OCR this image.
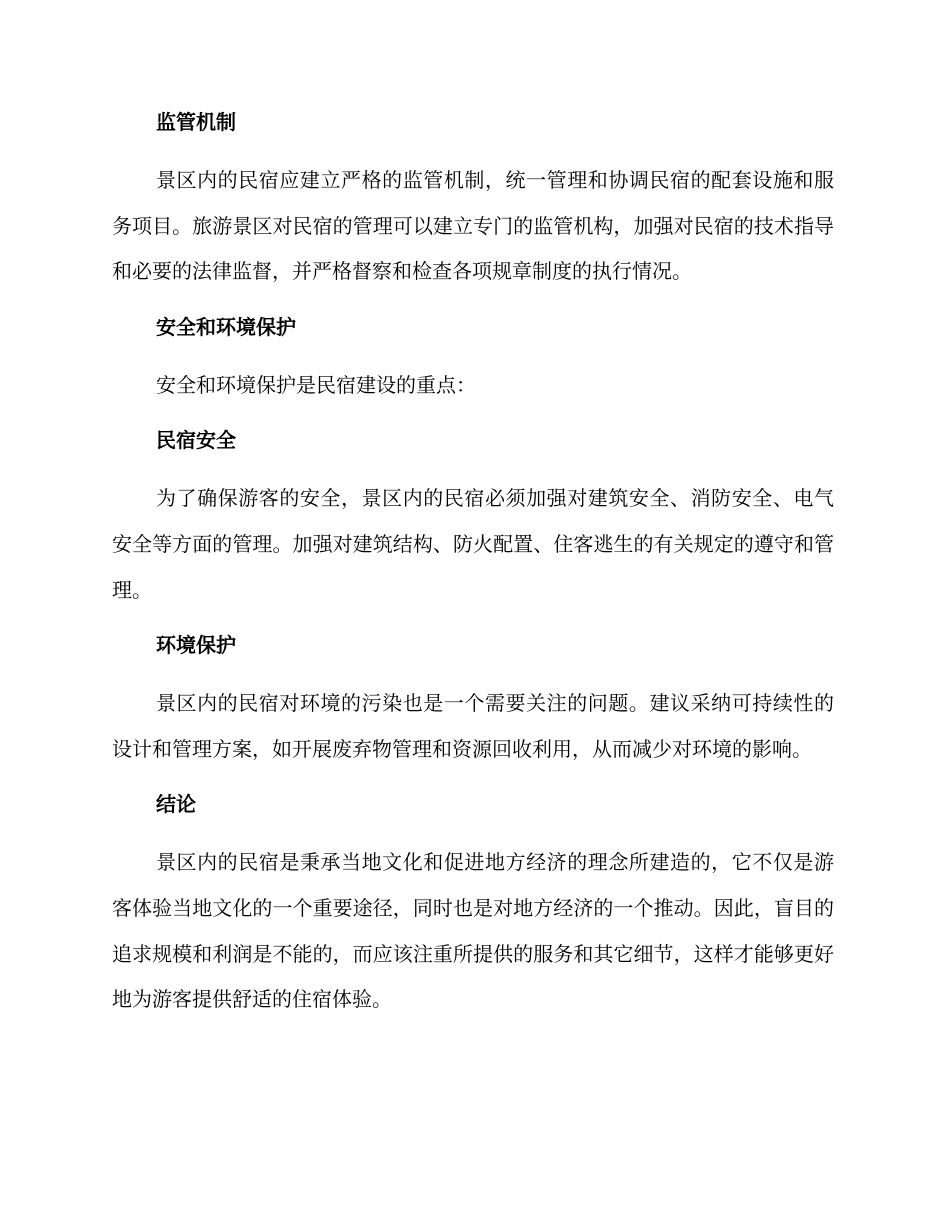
监管机制

景区内的民宿应建立严格的监管机制，统一管理和协调民宿的配套设施和服务项目。旅游景区对民宿的管理可以建立专门的监管机构，加强对民宿的技术指导和必要的法律监督，并严格督察和检查各项规章制度的执行情况。

安全和环境保护

安全和环境保护是民宿建设的重点：

民宿安全

为了确保游客的安全，景区内的民宿必须加强对建筑安全、消防安全、电气安全等方面的管理。加强对建筑结构、防火配置、住客逃生的有关规定的遵守和管理。

环境保护

景区内的民宿对环境的污染也是一个需要关注的问题。建议采纳可持续性的设计和管理方案，如开展废弃物管理和资源回收利用，从而减少对环境的影响。

结论

景区内的民宿是秉承当地文化和促进地方经济的理念所建造的，它不仅是游客体验当地文化的一个重要途径，同时也是对地方经济的一个推动。因此，盲目的追求规模和利润是不能的，而应该注重所提供的服务和其它细节，这样才能够更好地为游客提供舒适的住宿体验。
